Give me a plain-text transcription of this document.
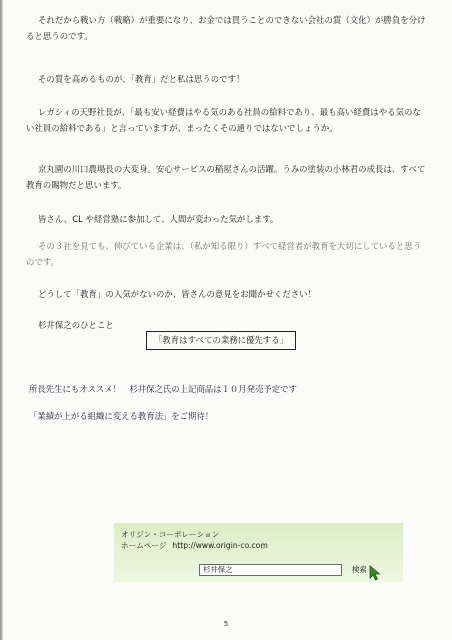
それだから戦い方（戦略）が重要になり、お金では買うことのできない会社の質（文化）が勝負を分けると思うのです。

その質を高めるものが、「教育」だと私は思うのです！

レガシィの天野社長が、「最も安い経費はやる気のある社員の給料であり、最も高い経費はやる気のない社員の給料である」と言っていますが、まったくその通りではないでしょうか。

京丸園の川口農場長の大変身。安心サービスの稲屋さんの活躍。うみの塗装の小林君の成長は、すべて教育の賜物だと思います。

皆さん、CL や経営塾に参加して、人間が変わった気がします。

その３社を見ても、伸びている企業は、（私が知る限り）すべて経営者が教育を大切にしていると思うのです。

どうして「教育」の人気がないのか、皆さんの意見をお聞かせください！

杉井保之のひとこと

「教育はすべての業務に優先する」
所長先生にもオススメ！　杉井保之氏の上記商品は１０月発売予定です
「業績が上がる組織に変える教育法」をご期待！
オリジン・コーポレーション
ホームページ http://www.origin-co.com
杉井保之	検索
5
